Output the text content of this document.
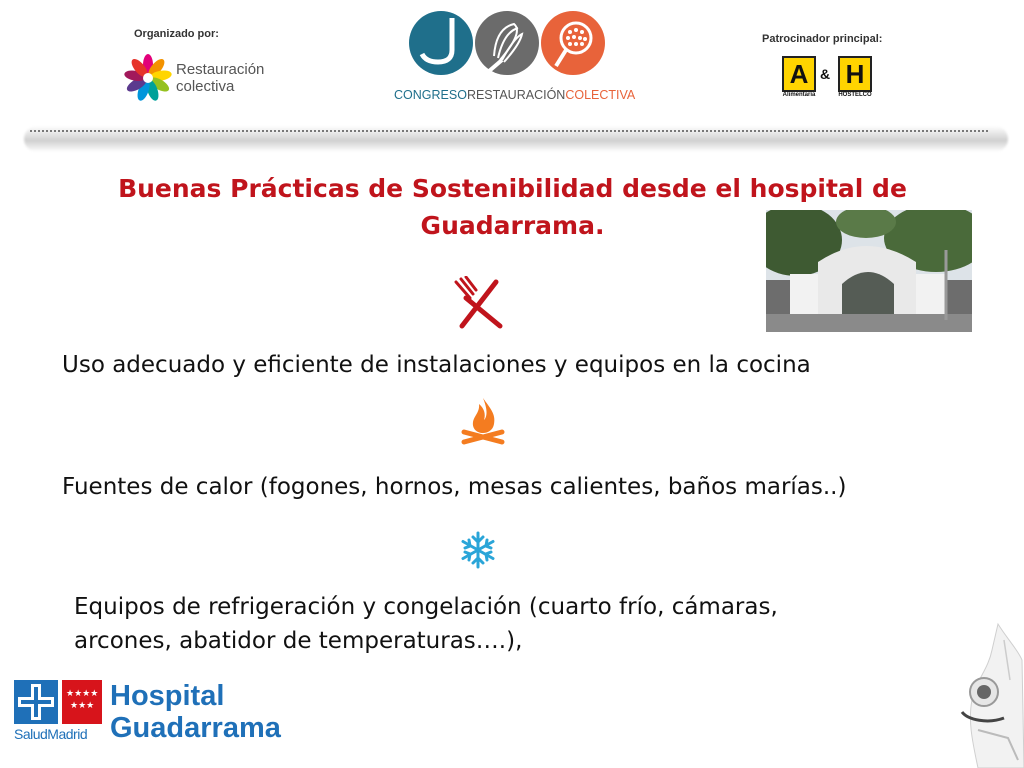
Organizado por:
Restauración
colectiva	CONGRESORESTAURACIÓNCOLECTIVA
Patrocinador principal:
A & H
Alimentaria	HOSTELCO
Buenas Prácticas de Sostenibilidad desde el hospital de
Guadarrama.
Uso adecuado y eficiente de instalaciones y equipos en la cocina
Fuentes de calor (fogones, hornos, mesas calientes, baños marías..)
Equipos de refrigeración y congelación (cuarto frío, cámaras,
arcones, abatidor de temperaturas….),
★★★★
★★★
SaludMadrid
Hospital
Guadarrama
